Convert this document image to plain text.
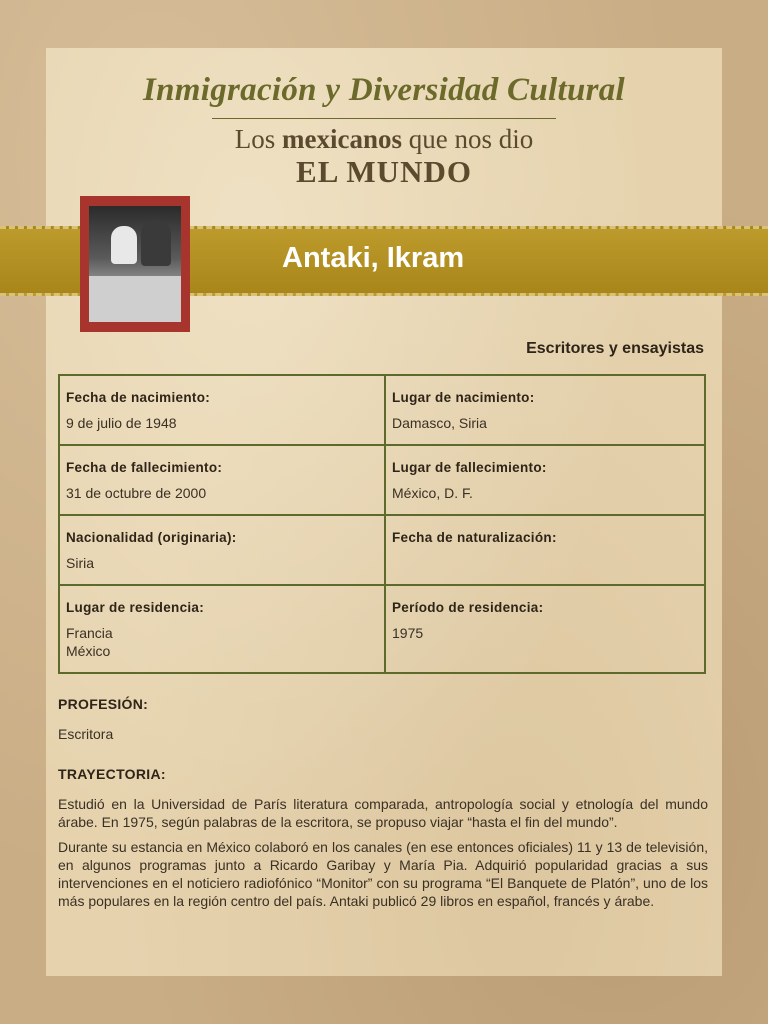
Inmigración y Diversidad Cultural
Los mexicanos que nos dio
EL MUNDO
Antaki, Ikram
Escritores y ensayistas
Fecha de nacimiento:
9 de julio de 1948
Lugar de nacimiento:
Damasco, Siria
Fecha de fallecimiento:
31 de octubre de 2000
Lugar de fallecimiento:
México, D. F.
Nacionalidad (originaria):
Siria
Fecha de naturalización:
Lugar de residencia:
Francia
México
Período de residencia:
1975
PROFESIÓN:
Escritora
TRAYECTORIA:
Estudió en la Universidad de París literatura comparada, antropología social y etnología del mundo árabe. En 1975, según palabras de la escritora, se propuso viajar “hasta el fin del mundo”.
Durante su estancia en México colaboró en los canales (en ese entonces oficiales) 11 y 13 de televisión, en algunos programas junto a Ricardo Garibay y María Pia. Adquirió popularidad gracias a sus intervenciones en el noticiero radiofónico “Monitor” con su programa “El Banquete de Platón”, uno de los más populares en la región centro del país. Antaki publicó 29 libros en español, francés y árabe.
